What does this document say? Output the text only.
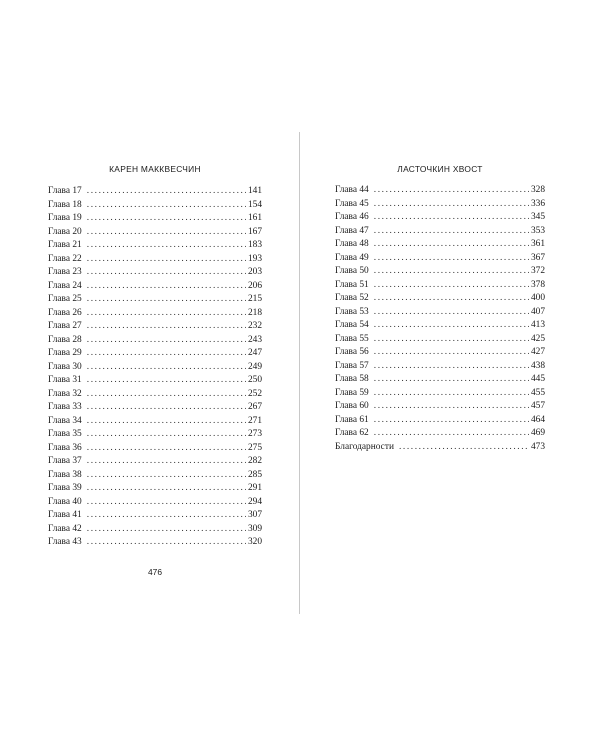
КАРЕН МАККВЕСЧИН
Глава 17 .....	141
Глава 18 .....	154
Глава 19 .....	161
Глава 20 .....	167
Глава 21 .....	183
Глава 22 .....	193
Глава 23 .....	203
Глава 24 .....	206
Глава 25 .....	215
Глава 26 .....	218
Глава 27 .....	232
Глава 28 .....	243
Глава 29 .....	247
Глава 30 .....	249
Глава 31 .....	250
Глава 32 .....	252
Глава 33 .....	267
Глава 34 .....	271
Глава 35 .....	273
Глава 36 .....	275
Глава 37 .....	282
Глава 38 .....	285
Глава 39 .....	291
Глава 40 .....	294
Глава 41 .....	307
Глава 42 .....	309
Глава 43 .....	320
476
ЛАСТОЧКИН ХВОСТ
Глава 44 .....	328
Глава 45 .....	336
Глава 46 .....	345
Глава 47 .....	353
Глава 48 .....	361
Глава 49 .....	367
Глава 50 .....	372
Глава 51 .....	378
Глава 52 .....	400
Глава 53 .....	407
Глава 54 .....	413
Глава 55 .....	425
Глава 56 .....	427
Глава 57 .....	438
Глава 58 .....	445
Глава 59 .....	455
Глава 60 .....	457
Глава 61 .....	464
Глава 62 .....	469
Благодарности .....	473
